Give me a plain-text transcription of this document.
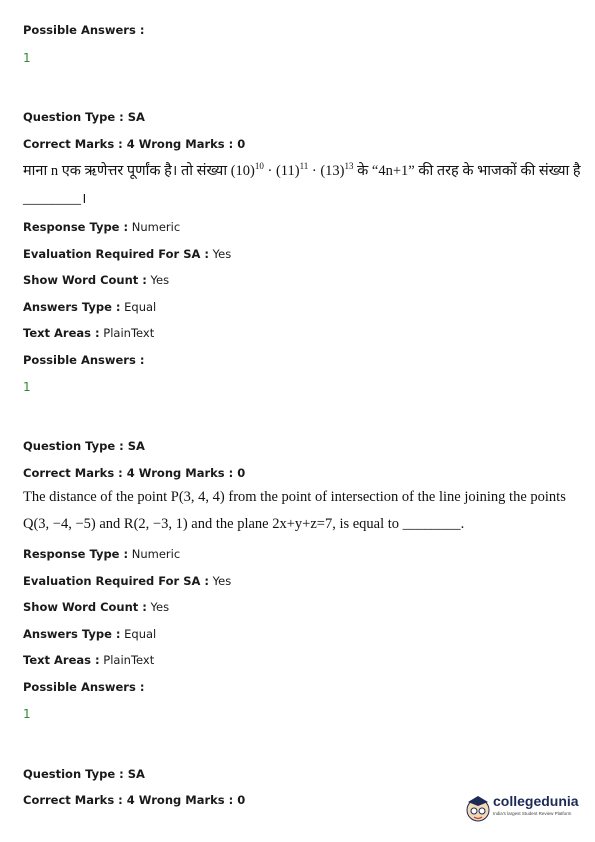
Possible Answers :
1
Question Type : SA
Correct Marks : 4 Wrong Marks : 0
माना n एक ऋणेत्तर पूर्णांक है। तो संख्या $(10)^{10} \cdot (11)^{11} \cdot (13)^{13}$ के “4n+1” की तरह के भाजकों की संख्या है
________।
Response Type : Numeric
Evaluation Required For SA : Yes
Show Word Count : Yes
Answers Type : Equal
Text Areas : PlainText
Possible Answers :
1
Question Type : SA
Correct Marks : 4 Wrong Marks : 0
The distance of the point P(3, 4, 4) from the point of intersection of the line joining the points
Q(3, −4, −5) and R(2, −3, 1) and the plane 2x+y+z=7, is equal to ________.
Response Type : Numeric
Evaluation Required For SA : Yes
Show Word Count : Yes
Answers Type : Equal
Text Areas : PlainText
Possible Answers :
1
Question Type : SA
Correct Marks : 4 Wrong Marks : 0	collegedunia
India's largest Student Review Platform
